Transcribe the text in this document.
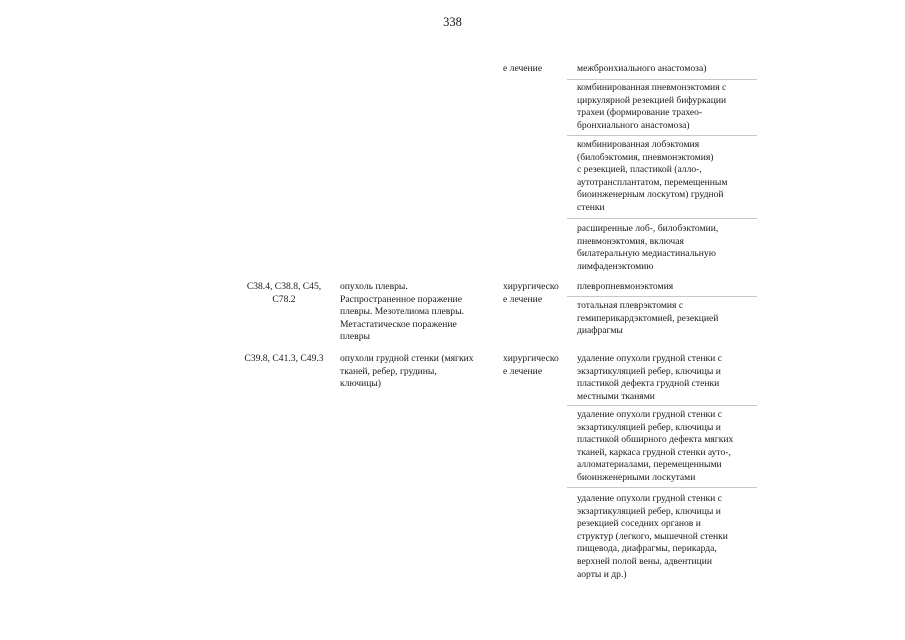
338
е лечение	межбронхиального анастомоза)
комбинированная пневмонэктомия с
циркулярной резекцией бифуркации
трахеи (формирование трахео-
бронхиального анастомоза)
комбинированная лобэктомия
(билобэктомия, пневмонэктомия)
с резекцией, пластикой (алло-,
аутотрансплантатом, перемещенным
биоинженерным лоскутом) грудной
стенки
расширенные лоб-, билобэктомии,
пневмонэктомия, включая
билатеральную медиастинальную
лимфаденэктомию
C38.4, C38.8, C45,
C78.2
опухоль плевры.
Распространенное поражение
плевры. Мезотелиома плевры.
Метастатическое поражение
плевры
хирургическо
е лечение
плевропневмонэктомия
тотальная плеврэктомия с
гемиперикардэктомией, резекцией
диафрагмы
C39.8, C41.3, C49.3	опухоли грудной стенки (мягких
тканей, ребер, грудины,
ключицы)
хирургическо
е лечение
удаление опухоли грудной стенки с
экзартикуляцией ребер, ключицы и
пластикой дефекта грудной стенки
местными тканями
удаление опухоли грудной стенки с
экзартикуляцией ребер, ключицы и
пластикой обширного дефекта мягких
тканей, каркаса грудной стенки ауто-,
алломатериалами, перемещенными
биоинженерными лоскутами
удаление опухоли грудной стенки с
экзартикуляцией ребер, ключицы и
резекцией соседних органов и
структур (легкого, мышечной стенки
пищевода, диафрагмы, перикарда,
верхней полой вены, адвентиции
аорты и др.)
